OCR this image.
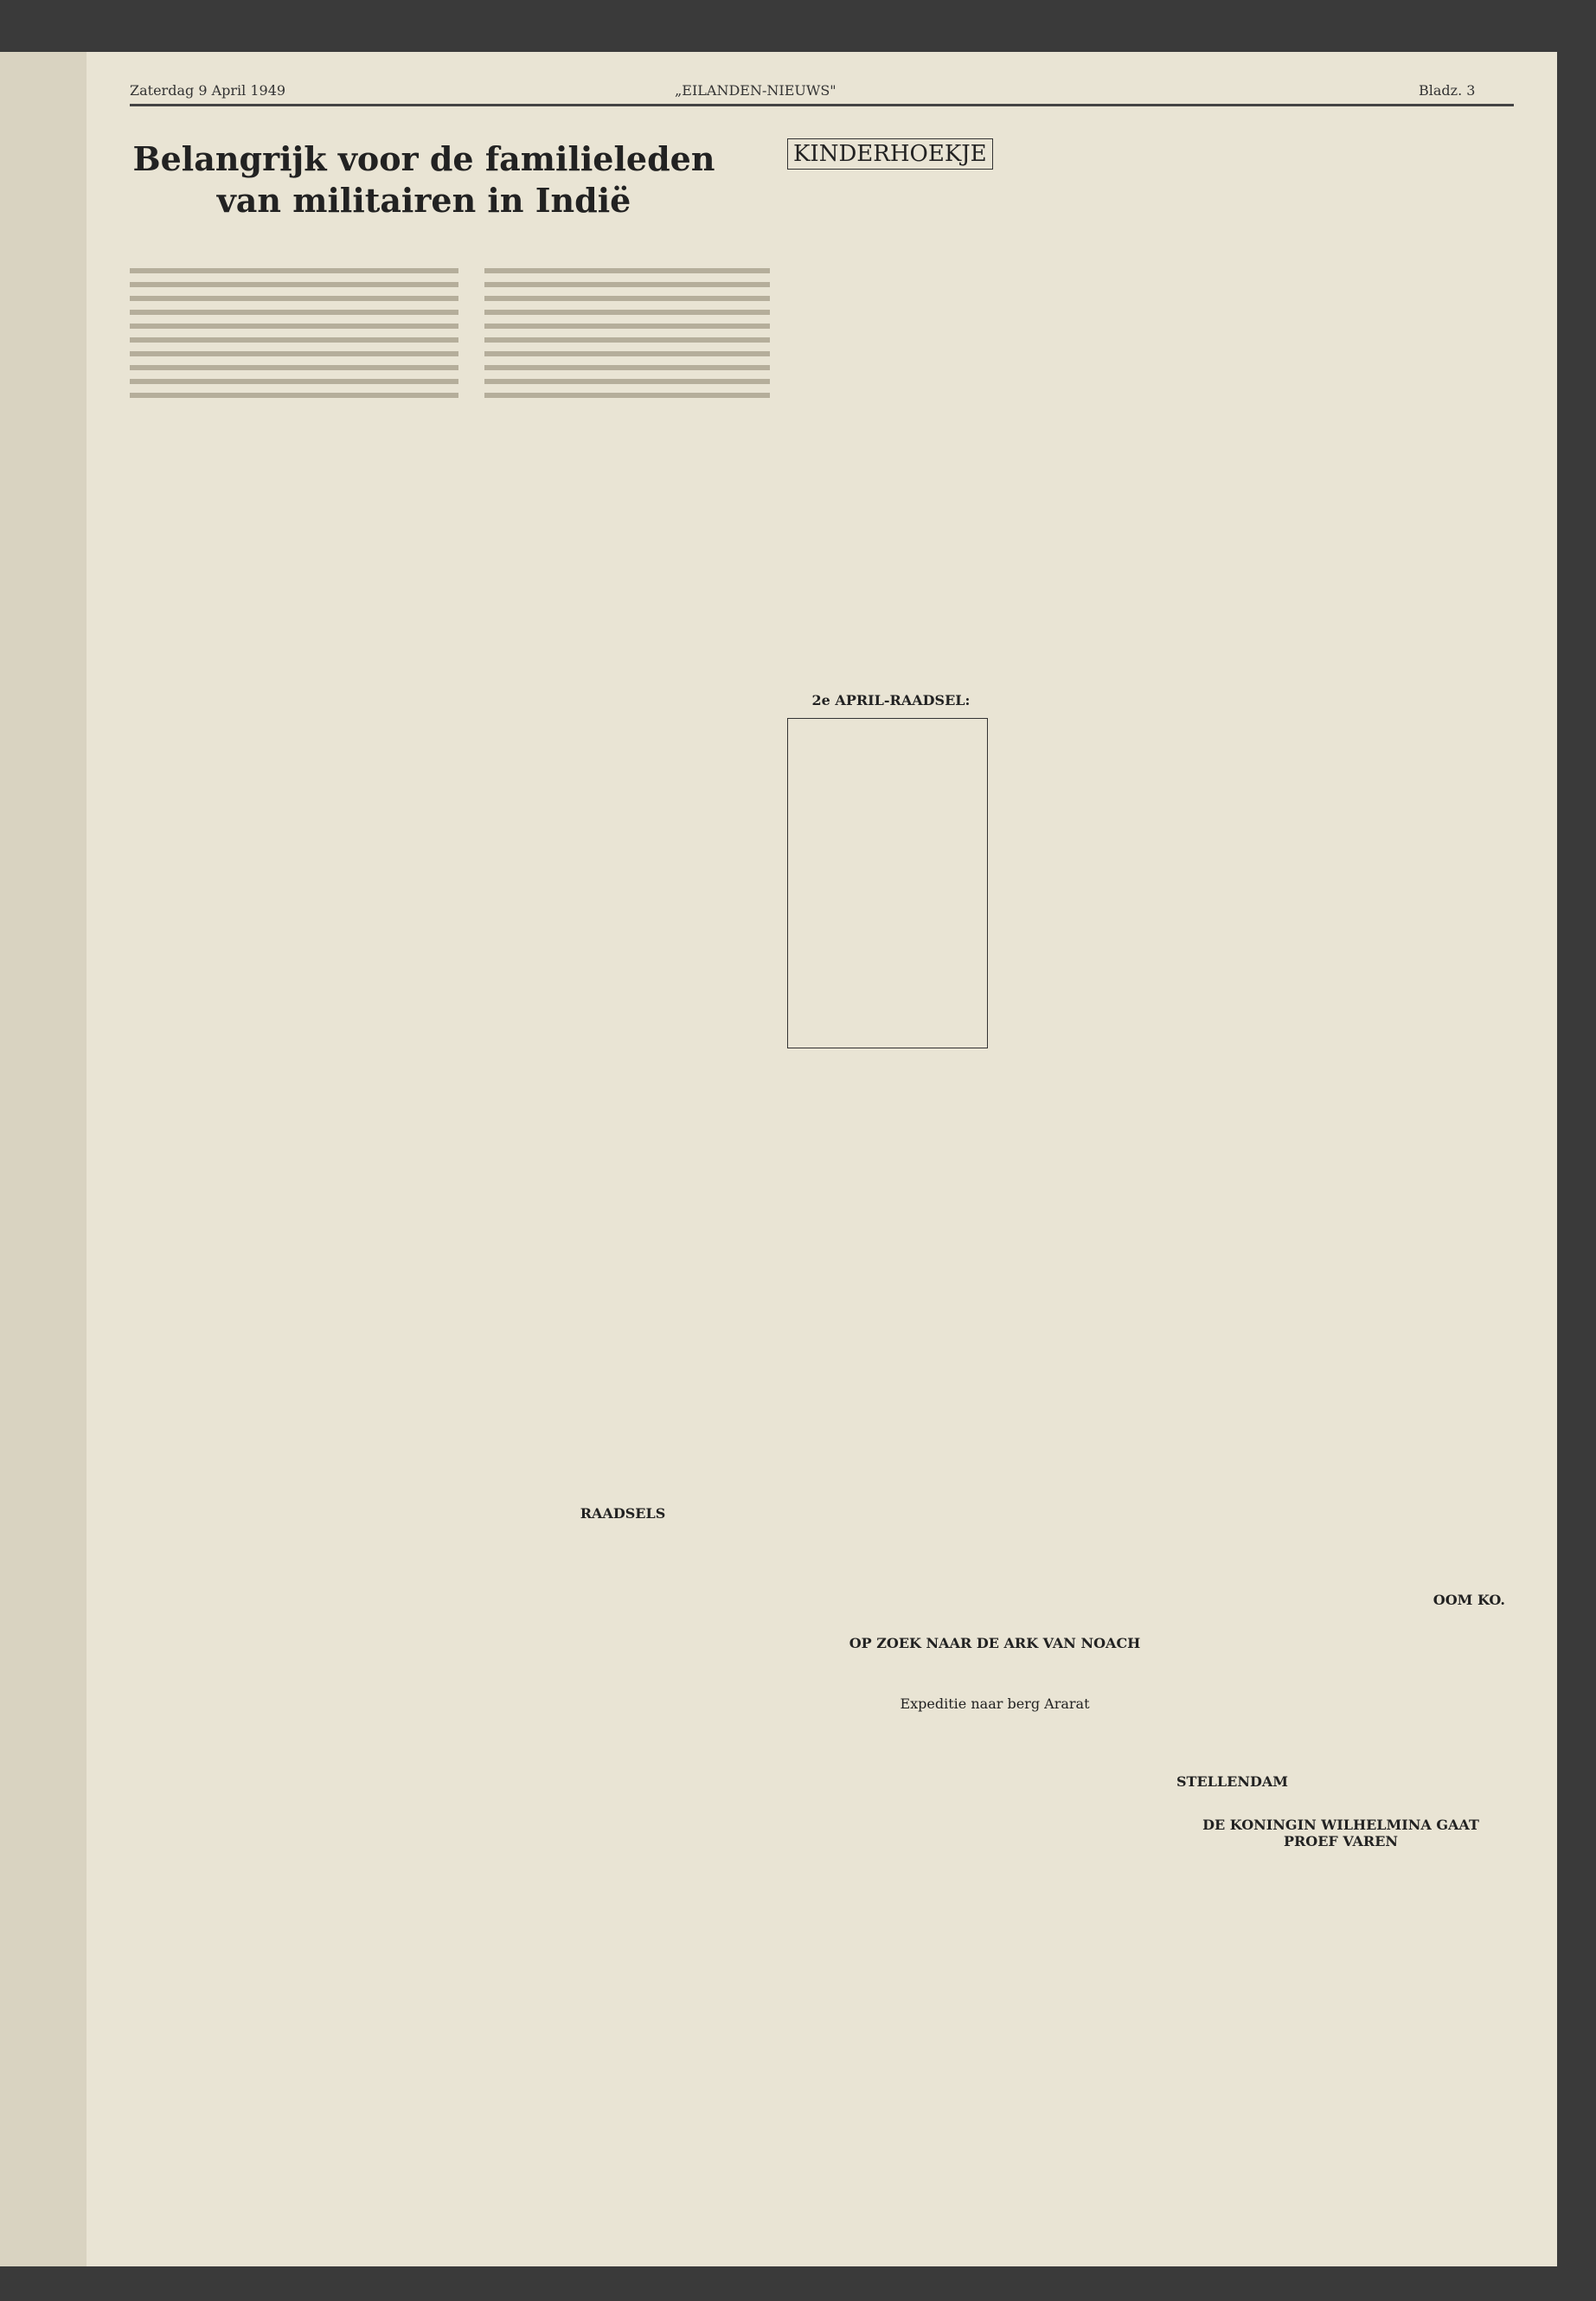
Zaterdag 9 April 1949	„EILANDEN-NIEUWS"	Bladz. 3
Belangrijk voor de familieleden van militairen in Indië
KINDERHOEKJE
2e APRIL-RAADSEL:
RAADSELS
OP ZOEK NAAR DE ARK VAN NOACH
Expeditie naar berg Ararat
STELLENDAM
DE KONINGIN WILHELMINA GAAT PROEF VAREN
OOM KO.
